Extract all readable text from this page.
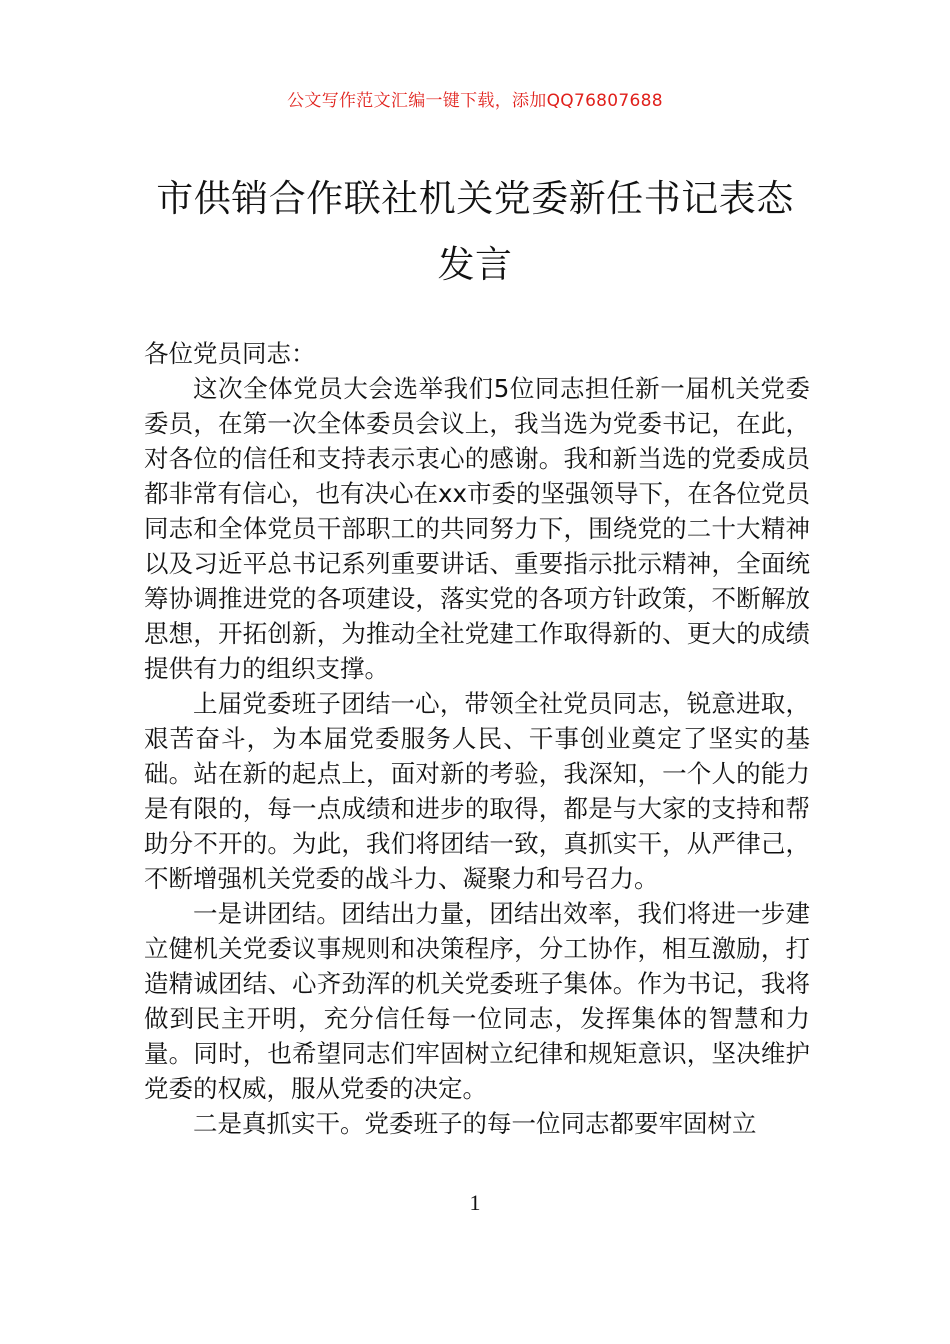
公文写作范文汇编一键下载，添加QQ76807688
市供销合作联社机关党委新任书记表态发言

各位党员同志：

这次全体党员大会选举我们5位同志担任新一届机关党委委员，在第一次全体委员会议上，我当选为党委书记，在此，对各位的信任和支持表示衷心的感谢。我和新当选的党委成员都非常有信心，也有决心在xx市委的坚强领导下，在各位党员同志和全体党员干部职工的共同努力下，围绕党的二十大精神以及习近平总书记系列重要讲话、重要指示批示精神，全面统筹协调推进党的各项建设，落实党的各项方针政策，不断解放思想，开拓创新，为推动全社党建工作取得新的、更大的成绩提供有力的组织支撑。

上届党委班子团结一心，带领全社党员同志，锐意进取，艰苦奋斗，为本届党委服务人民、干事创业奠定了坚实的基础。站在新的起点上，面对新的考验，我深知，一个人的能力是有限的，每一点成绩和进步的取得，都是与大家的支持和帮助分不开的。为此，我们将团结一致，真抓实干，从严律己，不断增强机关党委的战斗力、凝聚力和号召力。

一是讲团结。团结出力量，团结出效率，我们将进一步建立健机关党委议事规则和决策程序，分工协作，相互激励，打造精诚团结、心齐劲浑的机关党委班子集体。作为书记，我将做到民主开明，充分信任每一位同志，发挥集体的智慧和力量。同时，也希望同志们牢固树立纪律和规矩意识，坚决维护党委的权威，服从党委的决定。

二是真抓实干。党委班子的每一位同志都要牢固树立

1
